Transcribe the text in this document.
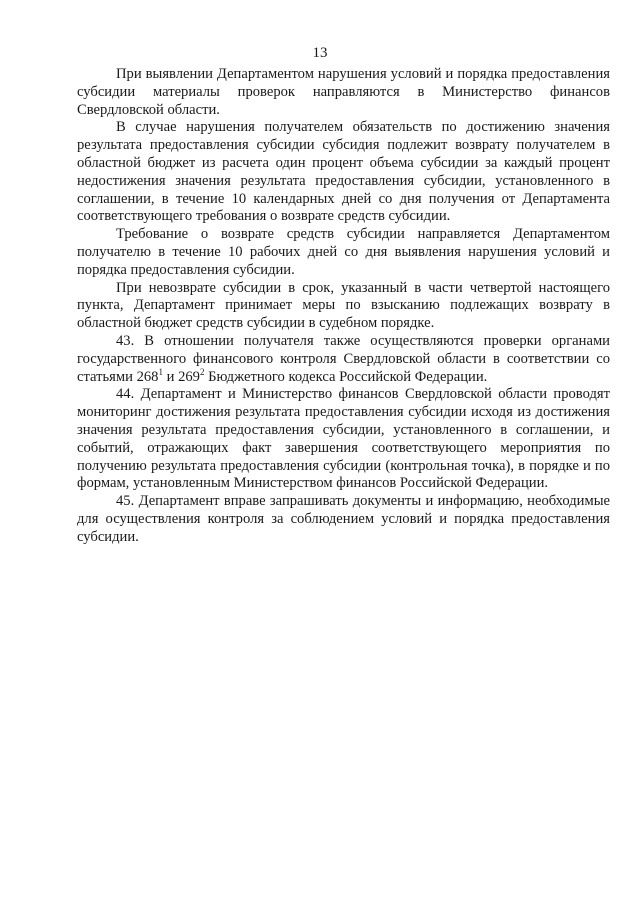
13

При выявлении Департаментом нарушения условий и порядка предоставления субсидии материалы проверок направляются в Министерство финансов Свердловской области.

В случае нарушения получателем обязательств по достижению значения результата предоставления субсидии субсидия подлежит возврату получателем в областной бюджет из расчета один процент объема субсидии за каждый процент недостижения значения результата предоставления субсидии, установленного в соглашении, в течение 10 календарных дней со дня получения от Департамента соответствующего требования о возврате средств субсидии.

Требование о возврате средств субсидии направляется Департаментом получателю в течение 10 рабочих дней со дня выявления нарушения условий и порядка предоставления субсидии.

При невозврате субсидии в срок, указанный в части четвертой настоящего пункта, Департамент принимает меры по взысканию подлежащих возврату в областной бюджет средств субсидии в судебном порядке.

43. В отношении получателя также осуществляются проверки органами государственного финансового контроля Свердловской области в соответствии со статьями $268^1$ и $269^2$ Бюджетного кодекса Российской Федерации.

44. Департамент и Министерство финансов Свердловской области проводят мониторинг достижения результата предоставления субсидии исходя из достижения значения результата предоставления субсидии, установленного в соглашении, и событий, отражающих факт завершения соответствующего мероприятия по получению результата предоставления субсидии (контрольная точка), в порядке и по формам, установленным Министерством финансов Российской Федерации.

45. Департамент вправе запрашивать документы и информацию, необходимые для осуществления контроля за соблюдением условий и порядка предоставления субсидии.
